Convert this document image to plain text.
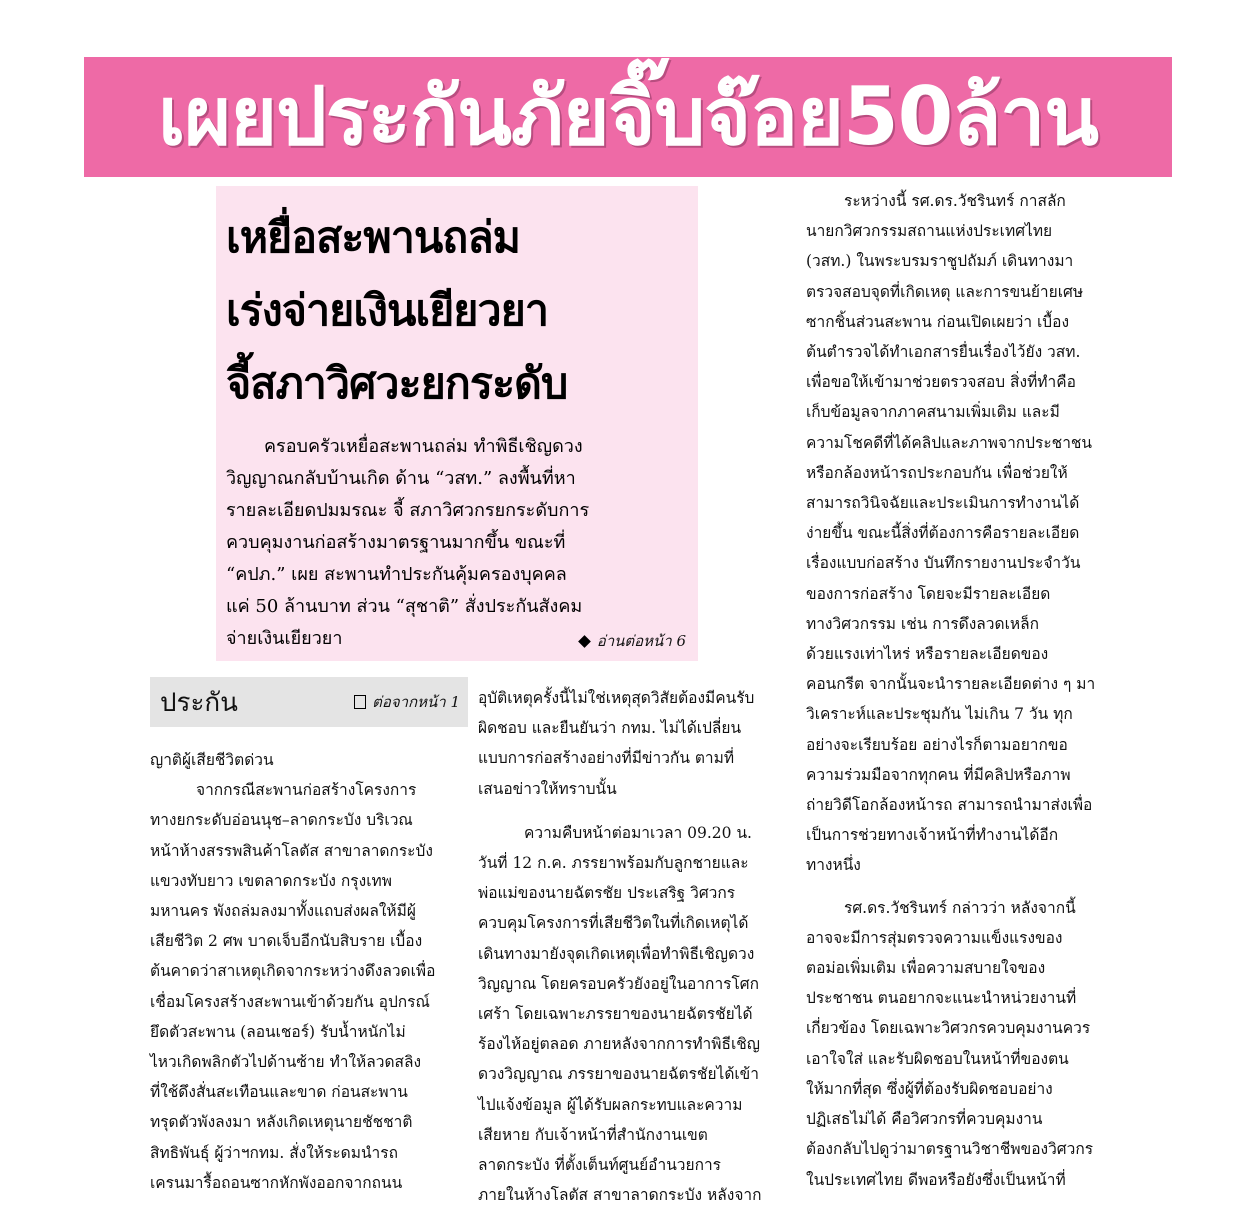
เผยประกันภัยจิ๊บจ๊อย50ล้าน
เหยื่อสะพานถล่ม
เร่งจ่ายเงินเยียวยา
จี้สภาวิศวะยกระดับ

ครอบครัวเหยื่อสะพานถล่ม ทำพิธีเชิญดวง

วิญญาณกลับบ้านเกิด ด้าน “วสท.” ลงพื้นที่หา

รายละเอียดปมมรณะ จี้ สภาวิศวกรยกระดับการ

ควบคุมงานก่อสร้างมาตรฐานมากขึ้น ขณะที่

“คปภ.” เผย สะพานทำประกันคุ้มครองบุคคล

แค่ 50 ล้านบาท ส่วน “สุชาติ” สั่งประกันสังคม

จ่ายเงินเยียวยา	อ่านต่อหน้า 6
ประกัน	ต่อจากหน้า 1

ญาติผู้เสียชีวิตด่วน

จากกรณีสะพานก่อสร้างโครงการ

ทางยกระดับอ่อนนุช–ลาดกระบัง บริเวณ

หน้าห้างสรรพสินค้าโลตัส สาขาลาดกระบัง

แขวงทับยาว เขตลาดกระบัง กรุงเทพ

มหานคร พังถล่มลงมาทั้งแถบส่งผลให้มีผู้

เสียชีวิต 2 ศพ บาดเจ็บอีกนับสิบราย เบื้อง

ต้นคาดว่าสาเหตุเกิดจากระหว่างดึงลวดเพื่อ

เชื่อมโครงสร้างสะพานเข้าด้วยกัน อุปกรณ์

ยึดตัวสะพาน (ลอนเชอร์) รับน้ำหนักไม่

ไหวเกิดพลิกตัวไปด้านซ้าย ทำให้ลวดสลิง

ที่ใช้ดึงสั่นสะเทือนและขาด ก่อนสะพาน

ทรุดตัวพังลงมา หลังเกิดเหตุนายชัชชาติ

สิทธิพันธุ์ ผู้ว่าฯกทม. สั่งให้ระดมนำรถ

เครนมารื้อถอนซากหักพังออกจากถนน

อุบัติเหตุครั้งนี้ไม่ใช่เหตุสุดวิสัยต้องมีคนรับ

ผิดชอบ และยืนยันว่า กทม. ไม่ได้เปลี่ยน

แบบการก่อสร้างอย่างที่มีข่าวกัน ตามที่

เสนอข่าวให้ทราบนั้น

ความคืบหน้าต่อมาเวลา 09.20 น.

วันที่ 12 ก.ค. ภรรยาพร้อมกับลูกชายและ

พ่อแม่ของนายฉัตรชัย ประเสริฐ วิศวกร

ควบคุมโครงการที่เสียชีวิตในที่เกิดเหตุได้

เดินทางมายังจุดเกิดเหตุเพื่อทำพิธีเชิญดวง

วิญญาณ โดยครอบครัวยังอยู่ในอาการโศก

เศร้า โดยเฉพาะภรรยาของนายฉัตรชัยได้

ร้องไห้อยู่ตลอด ภายหลังจากการทำพิธีเชิญ

ดวงวิญญาณ ภรรยาของนายฉัตรชัยได้เข้า

ไปแจ้งข้อมูล ผู้ได้รับผลกระทบและความ

เสียหาย กับเจ้าหน้าที่สำนักงานเขต

ลาดกระบัง ที่ตั้งเต็นท์ศูนย์อำนวยการ

ภายในห้างโลตัส สาขาลาดกระบัง หลังจาก

ระหว่างนี้ รศ.ดร.วัชรินทร์ กาสลัก

นายกวิศวกรรมสถานแห่งประเทศไทย

(วสท.) ในพระบรมราชูปถัมภ์ เดินทางมา

ตรวจสอบจุดที่เกิดเหตุ และการขนย้ายเศษ

ซากชิ้นส่วนสะพาน ก่อนเปิดเผยว่า เบื้อง

ต้นตำรวจได้ทำเอกสารยื่นเรื่องไว้ยัง วสท.

เพื่อขอให้เข้ามาช่วยตรวจสอบ สิ่งที่ทำคือ

เก็บข้อมูลจากภาคสนามเพิ่มเติม และมี

ความโชคดีที่ได้คลิปและภาพจากประชาชน

หรือกล้องหน้ารถประกอบกัน เพื่อช่วยให้

สามารถวินิจฉัยและประเมินการทำงานได้

ง่ายขึ้น ขณะนี้สิ่งที่ต้องการคือรายละเอียด

เรื่องแบบก่อสร้าง บันทึกรายงานประจำวัน

ของการก่อสร้าง โดยจะมีรายละเอียด

ทางวิศวกรรม เช่น การดึงลวดเหล็ก

ด้วยแรงเท่าไหร่ หรือรายละเอียดของ

คอนกรีต จากนั้นจะนำรายละเอียดต่าง ๆ มา

วิเคราะห์และประชุมกัน ไม่เกิน 7 วัน ทุก

อย่างจะเรียบร้อย อย่างไรก็ตามอยากขอ

ความร่วมมือจากทุกคน ที่มีคลิปหรือภาพ

ถ่ายวิดีโอกล้องหน้ารถ สามารถนำมาส่งเพื่อ

เป็นการช่วยทางเจ้าหน้าที่ทำงานได้อีก

ทางหนึ่ง

รศ.ดร.วัชรินทร์ กล่าวว่า หลังจากนี้

อาจจะมีการสุ่มตรวจความแข็งแรงของ

ตอม่อเพิ่มเติม เพื่อความสบายใจของ

ประชาชน ตนอยากจะแนะนำหน่วยงานที่

เกี่ยวข้อง โดยเฉพาะวิศวกรควบคุมงานควร

เอาใจใส่ และรับผิดชอบในหน้าที่ของตน

ให้มากที่สุด ซึ่งผู้ที่ต้องรับผิดชอบอย่าง

ปฏิเสธไม่ได้ คือวิศวกรที่ควบคุมงาน

ต้องกลับไปดูว่ามาตรฐานวิชาชีพของวิศวกร

ในประเทศไทย ดีพอหรือยังซึ่งเป็นหน้าที่
